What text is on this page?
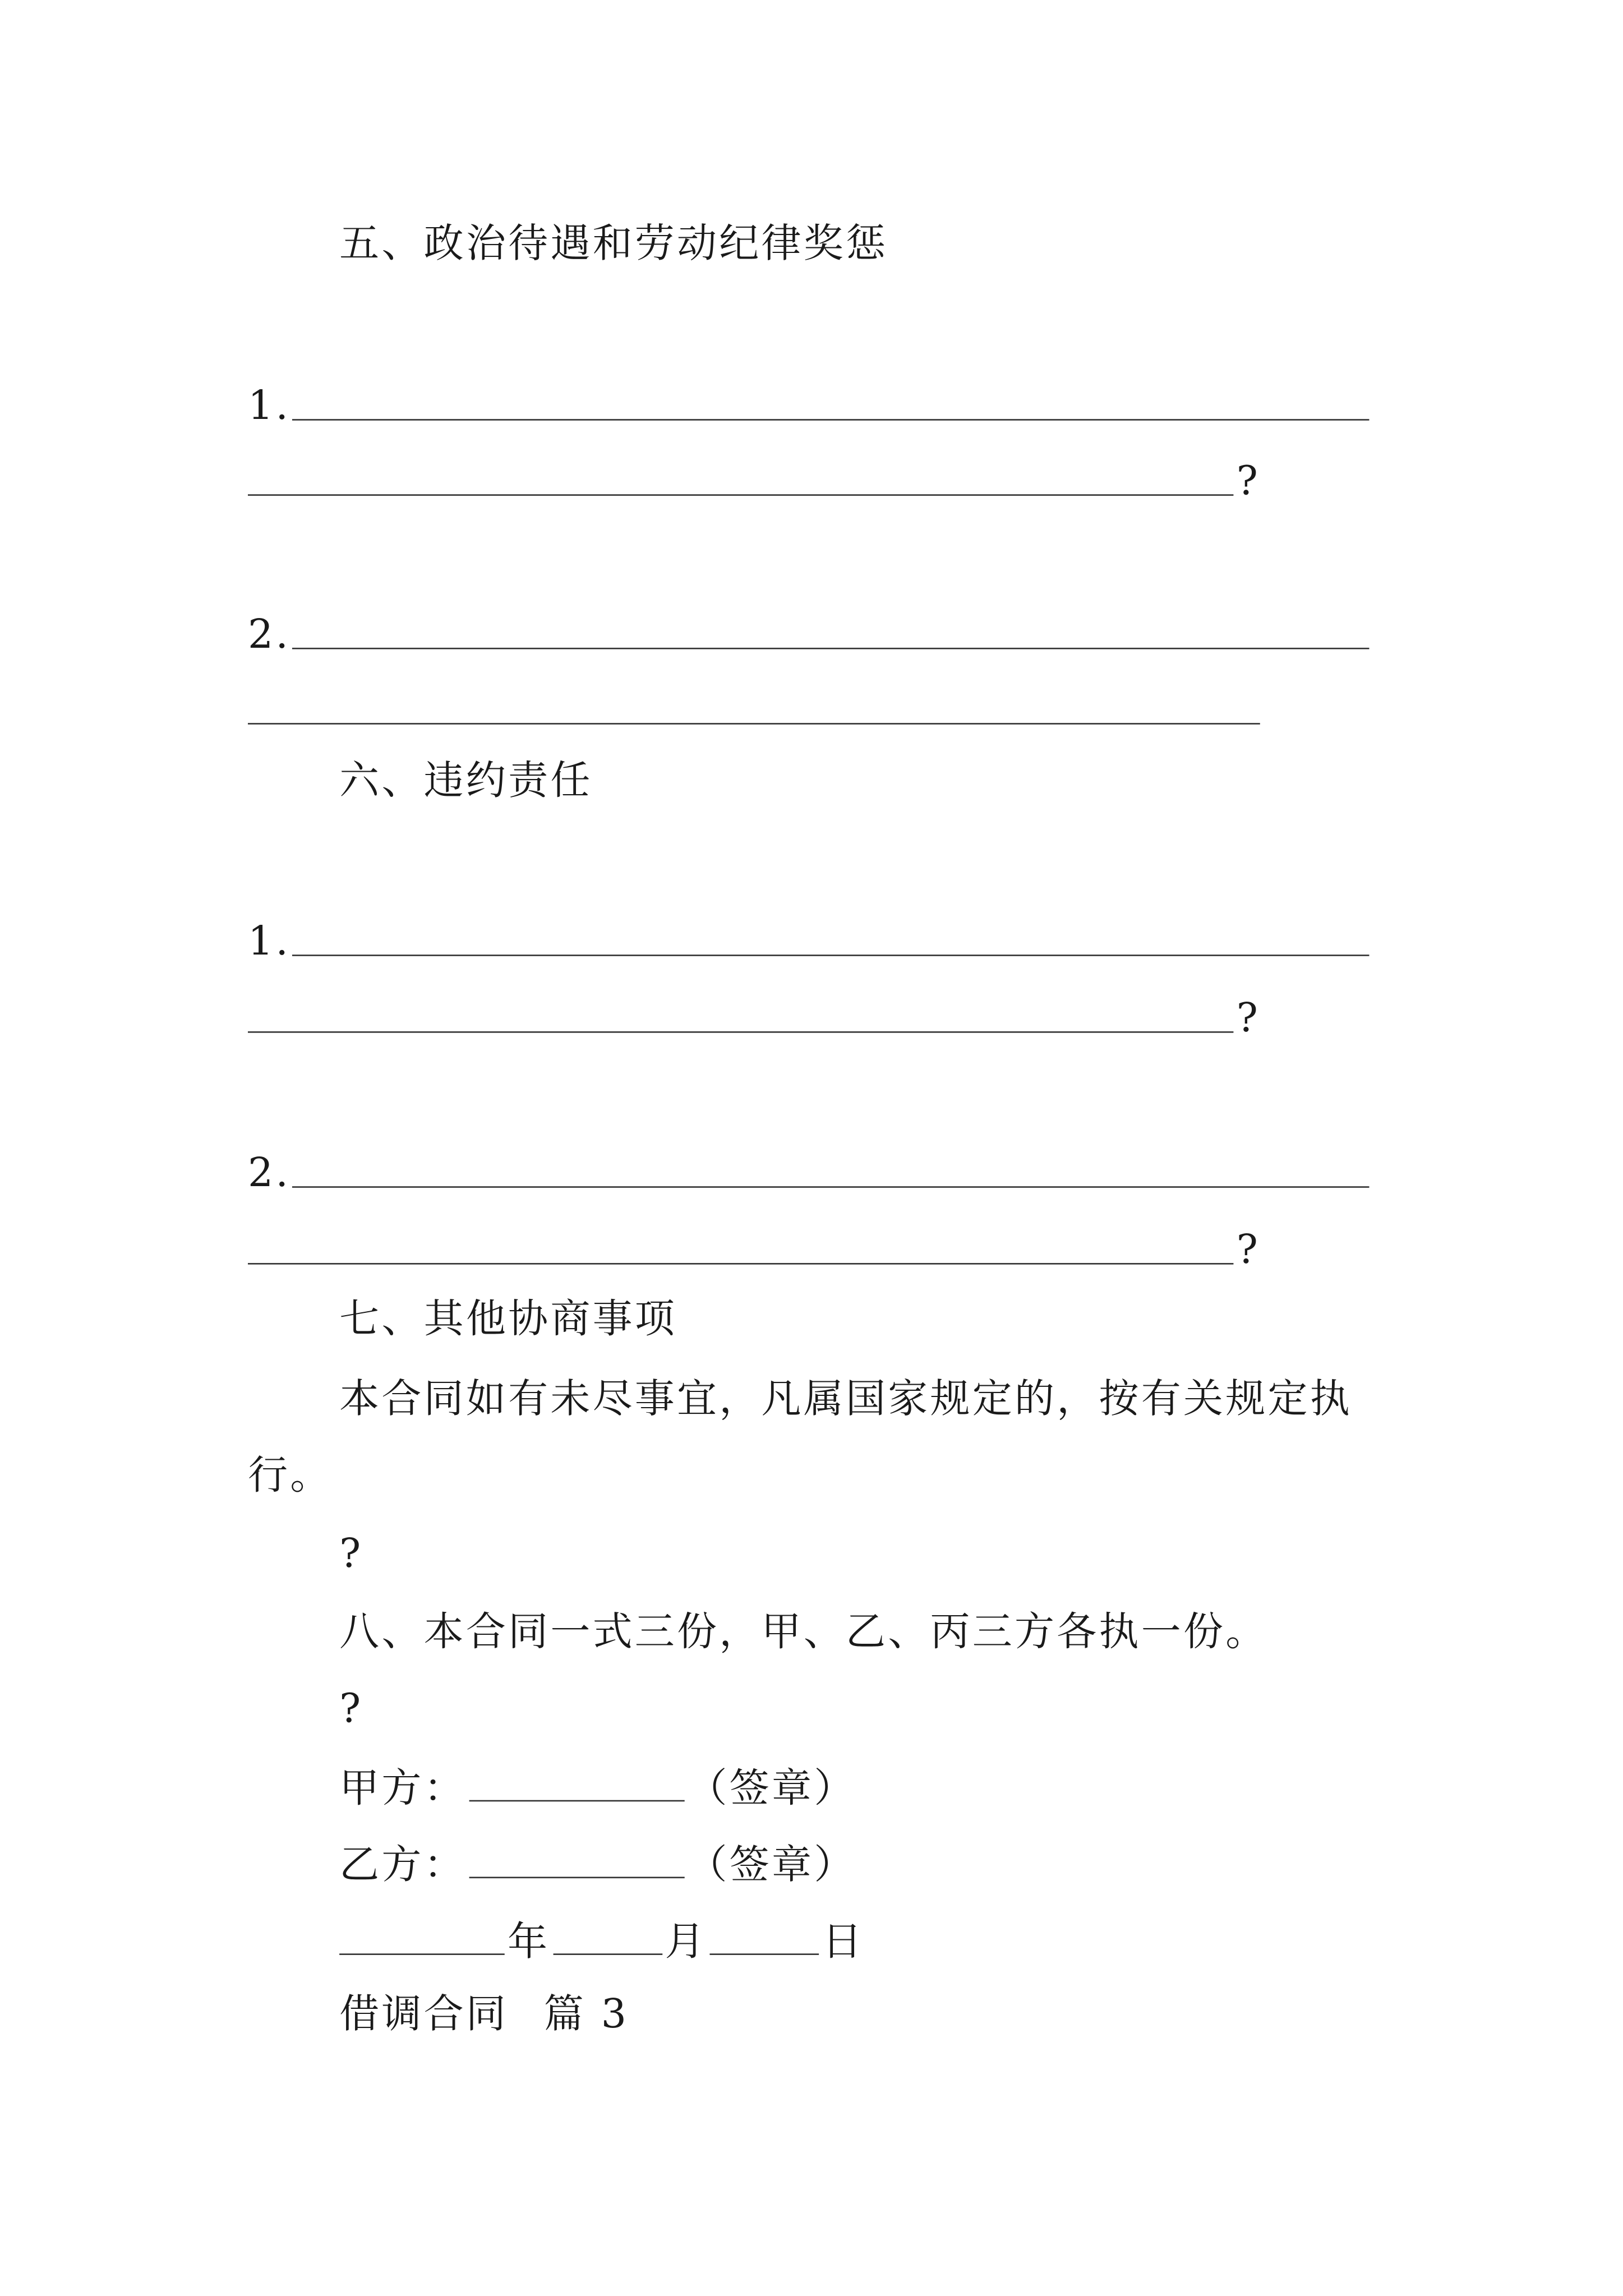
五、政治待遇和劳动纪律奖惩
1.
?
2.
六、违约责任
1.
?
2.
?
七、其他协商事项
本合同如有未尽事宜，凡属国家规定的，按有关规定执
行。
?
八、本合同一式三份，甲、乙、丙三方各执一份。
?
甲方：	（签章）
乙方：	（签章）
年	月	日
借调合同 篇 3
